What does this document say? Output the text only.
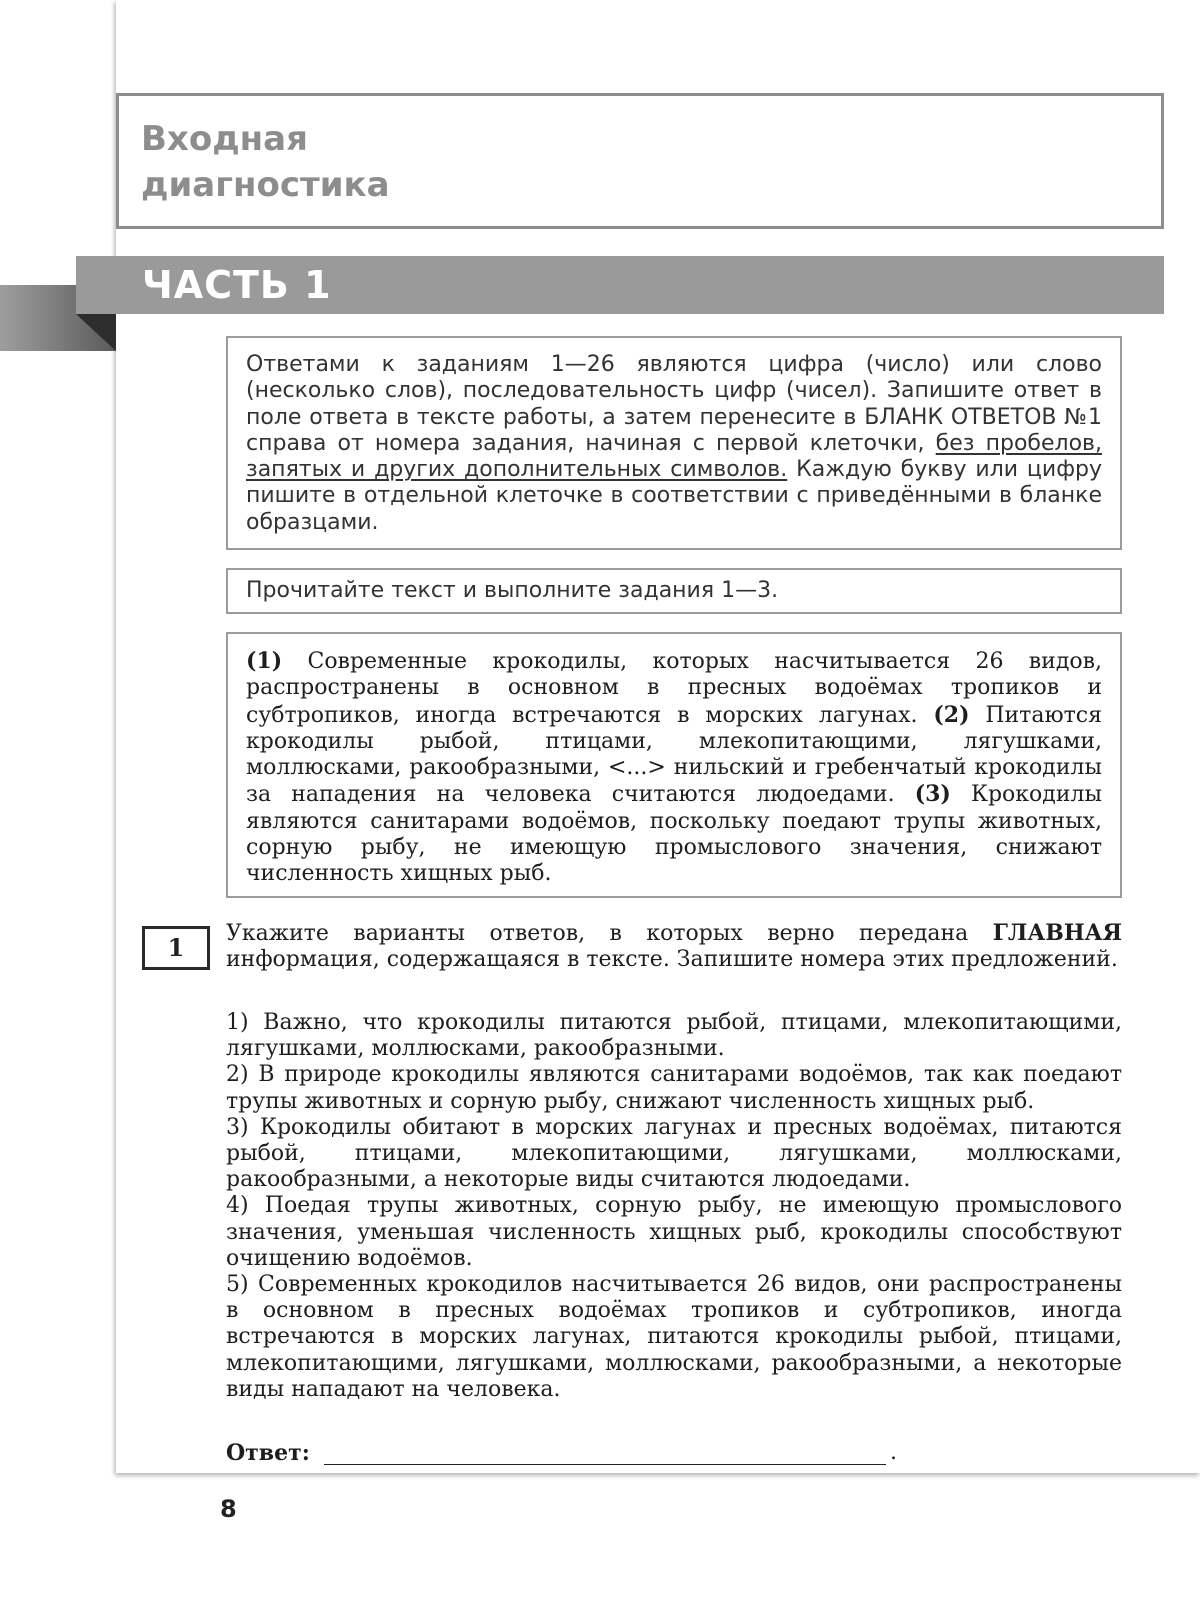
Входная
диагностика
ЧАСТЬ 1

Ответами к заданиям 1—26 являются цифра (число) или слово (несколько слов), последовательность цифр (чисел). Запишите ответ в поле ответа в тексте работы, а затем перенесите в БЛАНК ОТВЕТОВ №1 справа от номера задания, начиная с первой клеточки, без пробелов, запятых и других дополнительных символов. Каждую букву или цифру пишите в отдельной клеточке в соответствии с приведёнными в бланке образцами.

Прочитайте текст и выполните задания 1—3.

(1) Современные крокодилы, которых насчитывается 26 видов, распространены в основном в пресных водоёмах тропиков и субтропиков, иногда встречаются в морских лагунах. (2) Питаются крокодилы рыбой, птицами, млекопитающими, лягушками, моллюсками, ракообразными, <...> нильский и гребенчатый крокодилы за нападения на человека считаются людоедами. (3) Крокодилы являются санитарами водоёмов, поскольку поедают трупы животных, сорную рыбу, не имеющую промыслового значения, снижают численность хищных рыб.

1	Укажите варианты ответов, в которых верно передана ГЛАВНАЯ информация, содержащаяся в тексте. Запишите номера этих предложений.

1) Важно, что крокодилы питаются рыбой, птицами, млекопитающими, лягушками, моллюсками, ракообразными.
2) В природе крокодилы являются санитарами водоёмов, так как поедают трупы животных и сорную рыбу, снижают численность хищных рыб.
3) Крокодилы обитают в морских лагунах и пресных водоёмах, питаются рыбой, птицами, млекопитающими, лягушками, моллюсками, ракообразными, а некоторые виды считаются людоедами.
4) Поедая трупы животных, сорную рыбу, не имеющую промыслового значения, уменьшая численность хищных рыб, крокодилы способствуют очищению водоёмов.
5) Современных крокодилов насчитывается 26 видов, они распространены в основном в пресных водоёмах тропиков и субтропиков, иногда встречаются в морских лагунах, питаются крокодилы рыбой, птицами, млекопитающими, лягушками, моллюсками, ракообразными, а некоторые виды нападают на человека.
Ответ:	.
8
